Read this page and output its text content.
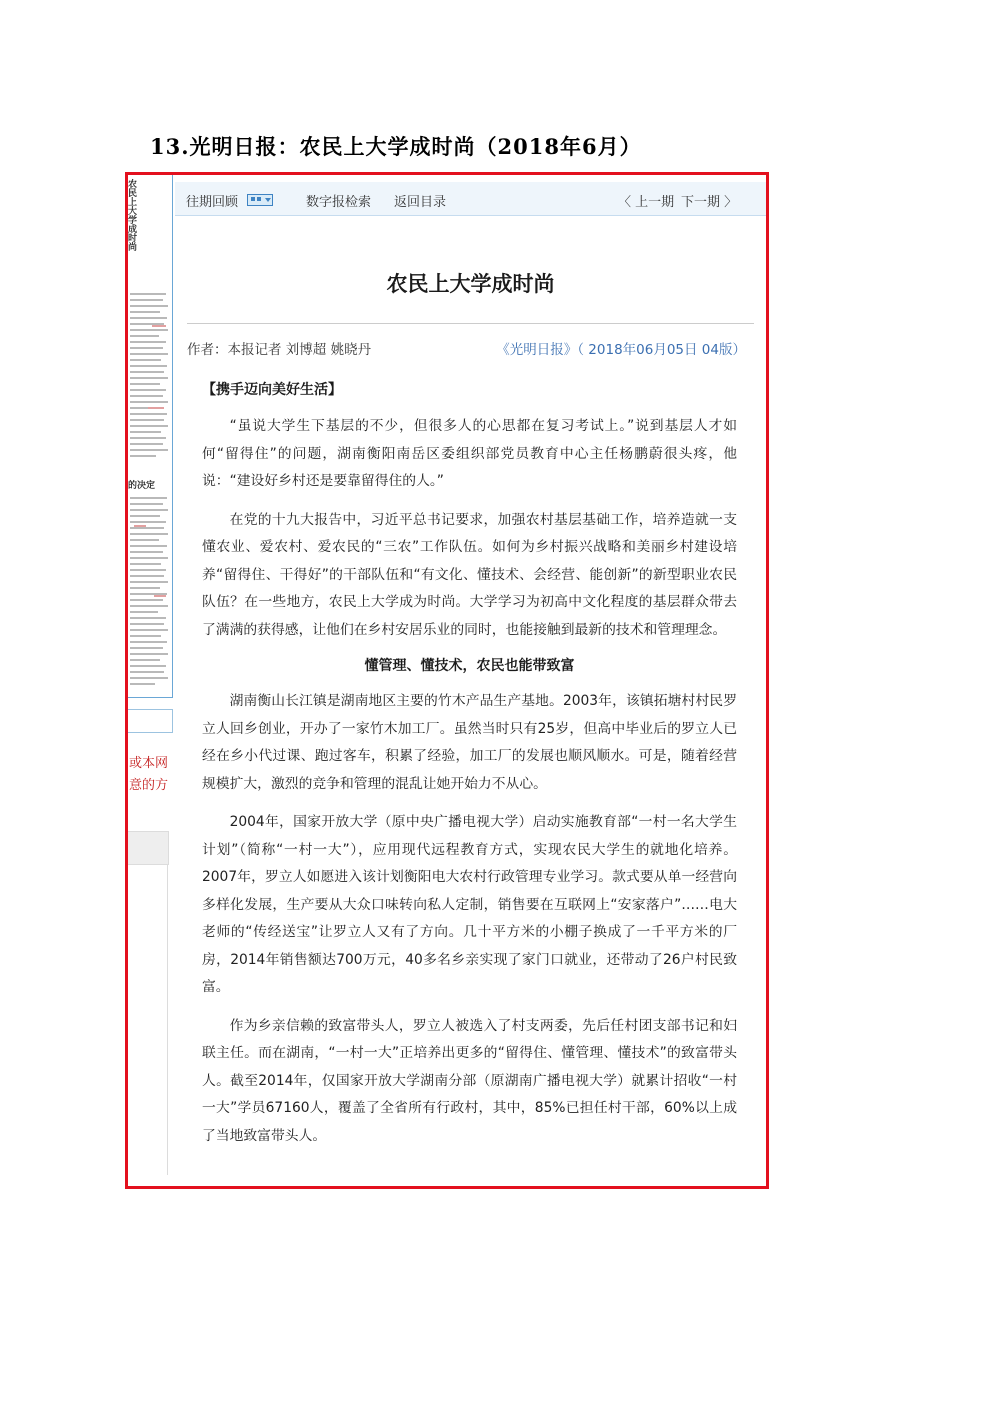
13.光明日报：农民上大学成时尚（2018年6月）
农民上大学成时尚
的决定
或本网
意的方
往期回顾	数字报检索 返回目录	〈 上一期 下一期 〉
农民上大学成时尚
作者：本报记者 刘博超 姚晓丹	《光明日报》（ 2018年06月05日 04版）

【携手迈向美好生活】

“虽说大学生下基层的不少，但很多人的心思都在复习考试上。”说到基层人才如何“留得住”的问题，湖南衡阳南岳区委组织部党员教育中心主任杨鹏蔚很头疼，他说：“建设好乡村还是要靠留得住的人。”

在党的十九大报告中，习近平总书记要求，加强农村基层基础工作，培养造就一支懂农业、爱农村、爱农民的“三农”工作队伍。如何为乡村振兴战略和美丽乡村建设培养“留得住、干得好”的干部队伍和“有文化、懂技术、会经营、能创新”的新型职业农民队伍？在一些地方，农民上大学成为时尚。大学学习为初高中文化程度的基层群众带去了满满的获得感，让他们在乡村安居乐业的同时，也能接触到最新的技术和管理理念。

懂管理、懂技术，农民也能带致富

湖南衡山长江镇是湖南地区主要的竹木产品生产基地。2003年，该镇拓塘村村民罗立人回乡创业，开办了一家竹木加工厂。虽然当时只有25岁，但高中毕业后的罗立人已经在乡小代过课、跑过客车，积累了经验，加工厂的发展也顺风顺水。可是，随着经营规模扩大，激烈的竞争和管理的混乱让她开始力不从心。

2004年，国家开放大学（原中央广播电视大学）启动实施教育部“一村一名大学生计划”（简称“一村一大”），应用现代远程教育方式，实现农民大学生的就地化培养。2007年，罗立人如愿进入该计划衡阳电大农村行政管理专业学习。款式要从单一经营向多样化发展，生产要从大众口味转向私人定制，销售要在互联网上“安家落户”……电大老师的“传经送宝”让罗立人又有了方向。几十平方米的小棚子换成了一千平方米的厂房，2014年销售额达700万元，40多名乡亲实现了家门口就业，还带动了26户村民致富。

作为乡亲信赖的致富带头人，罗立人被选入了村支两委，先后任村团支部书记和妇联主任。而在湖南，“一村一大”正培养出更多的“留得住、懂管理、懂技术”的致富带头人。截至2014年，仅国家开放大学湖南分部（原湖南广播电视大学）就累计招收“一村一大”学员67160人，覆盖了全省所有行政村，其中，85%已担任村干部，60%以上成了当地致富带头人。
